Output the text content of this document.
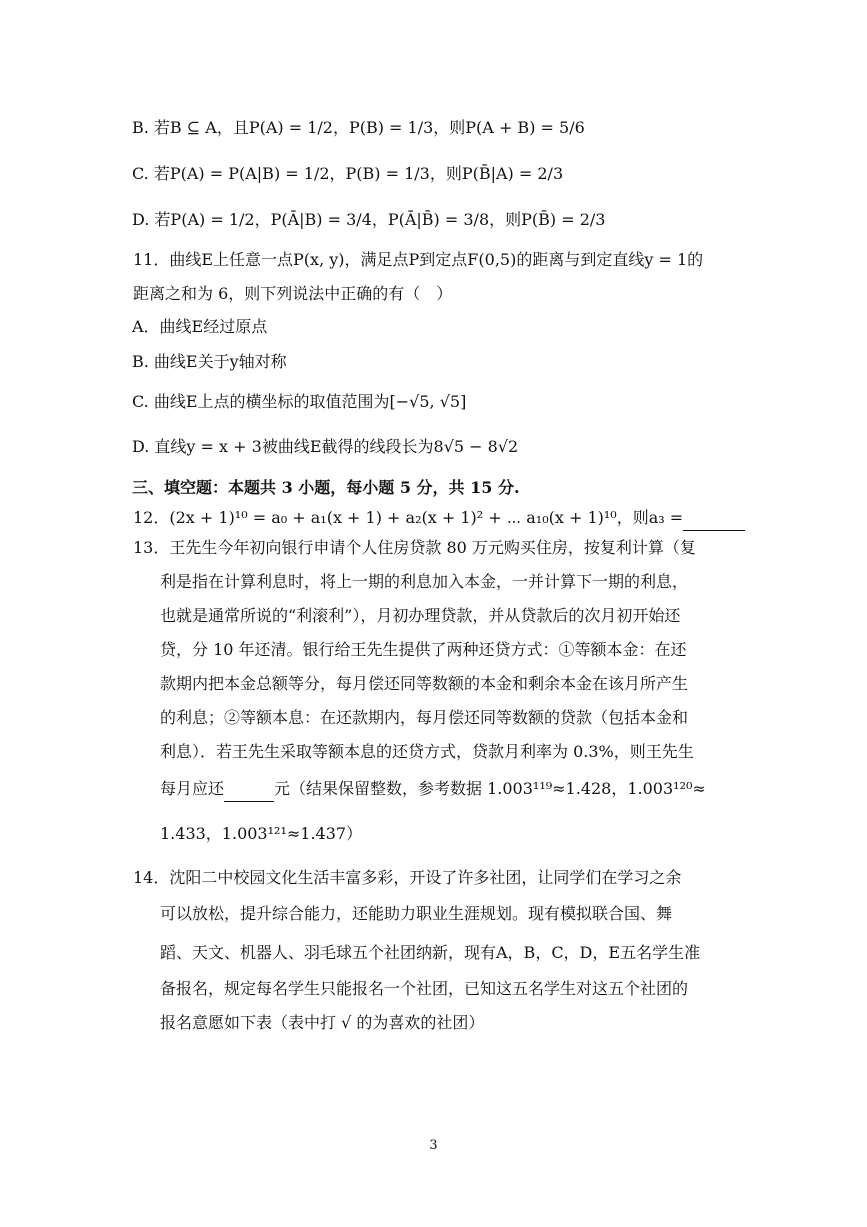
B. 若B ⊆ A，且P(A) = 1/2，P(B) = 1/3，则P(A + B) = 5/6
C. 若P(A) = P(A|B) = 1/2，P(B) = 1/3，则P(B̄|A) = 2/3
D. 若P(A) = 1/2，P(Ā|B) = 3/4，P(Ā|B̄) = 3/8，则P(B̄) = 2/3
11．曲线E上任意一点P(x, y)，满足点P到定点F(0,5)的距离与到定直线y = 1的
距离之和为 6，则下列说法中正确的有（　）
A．曲线E经过原点
B. 曲线E关于y轴对称
C. 曲线E上点的横坐标的取值范围为[−√5, √5]
D. 直线y = x + 3被曲线E截得的线段长为8√5 − 8√2
三、填空题：本题共 3 小题，每小题 5 分，共 15 分.
12．(2x + 1)¹⁰ = a₀ + a₁(x + 1) + a₂(x + 1)² + ⋯ a₁₀(x + 1)¹⁰，则a₃ =
13．王先生今年初向银行申请个人住房贷款 80 万元购买住房，按复利计算（复
利是指在计算利息时，将上一期的利息加入本金，一并计算下一期的利息，
也就是通常所说的“利滚利”），月初办理贷款，并从贷款后的次月初开始还
贷，分 10 年还清。银行给王先生提供了两种还贷方式：①等额本金：在还
款期内把本金总额等分，每月偿还同等数额的本金和剩余本金在该月所产生
的利息；②等额本息：在还款期内，每月偿还同等数额的贷款（包括本金和
利息）．若王先生采取等额本息的还贷方式，贷款月利率为 0.3%，则王先生
每月应还	元（结果保留整数，参考数据 1.003¹¹⁹≈1.428，1.003¹²⁰≈
1.433，1.003¹²¹≈1.437）
14．沈阳二中校园文化生活丰富多彩，开设了许多社团，让同学们在学习之余
可以放松，提升综合能力，还能助力职业生涯规划。现有模拟联合国、舞
蹈、天文、机器人、羽毛球五个社团纳新，现有A，B，C，D，E五名学生准
备报名，规定每名学生只能报名一个社团，已知这五名学生对这五个社团的
报名意愿如下表（表中打 √ 的为喜欢的社团）
3
